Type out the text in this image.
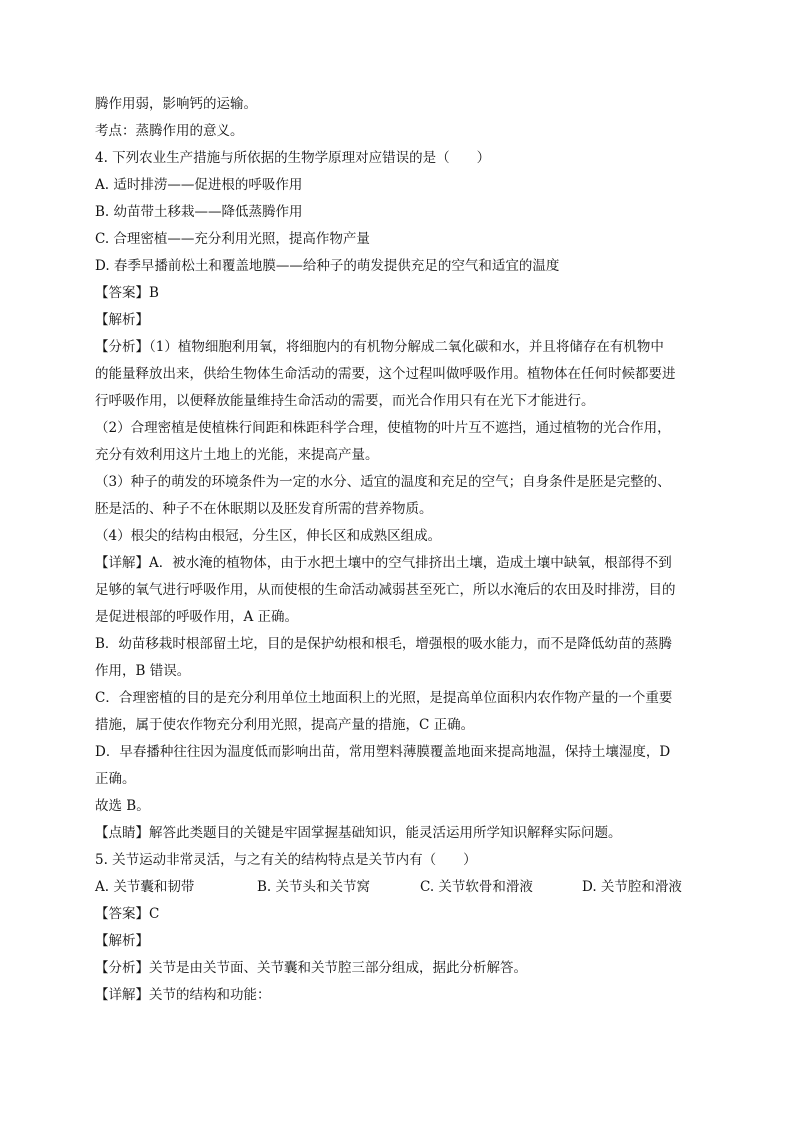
腾作用弱，影响钙的运输。
考点：蒸腾作用的意义。
4. 下列农业生产措施与所依据的生物学原理对应错误的是（　　）
A. 适时排涝——促进根的呼吸作用
B. 幼苗带土移栽——降低蒸腾作用
C. 合理密植——充分利用光照，提高作物产量
D. 春季早播前松土和覆盖地膜——给种子的萌发提供充足的空气和适宜的温度
【答案】B
【解析】
【分析】（1）植物细胞利用氧，将细胞内的有机物分解成二氧化碳和水，并且将储存在有机物中
的能量释放出来，供给生物体生命活动的需要，这个过程叫做呼吸作用。植物体在任何时候都要进
行呼吸作用，以便释放能量维持生命活动的需要，而光合作用只有在光下才能进行。
（2）合理密植是使植株行间距和株距科学合理，使植物的叶片互不遮挡，通过植物的光合作用，
充分有效利用这片土地上的光能，来提高产量。
（3）种子的萌发的环境条件为一定的水分、适宜的温度和充足的空气；自身条件是胚是完整的、
胚是活的、种子不在休眠期以及胚发育所需的营养物质。
（4）根尖的结构由根冠，分生区，伸长区和成熟区组成。
【详解】A．被水淹的植物体，由于水把土壤中的空气排挤出土壤，造成土壤中缺氧，根部得不到
足够的氧气进行呼吸作用，从而使根的生命活动减弱甚至死亡，所以水淹后的农田及时排涝，目的
是促进根部的呼吸作用，A 正确。
B．幼苗移栽时根部留土坨，目的是保护幼根和根毛，增强根的吸水能力，而不是降低幼苗的蒸腾
作用，B 错误。
C．合理密植的目的是充分利用单位土地面积上的光照，是提高单位面积内农作物产量的一个重要
措施，属于使农作物充分利用光照，提高产量的措施，C 正确。
D．早春播种往往因为温度低而影响出苗，常用塑料薄膜覆盖地面来提高地温，保持土壤湿度，D
正确。
故选 B。
【点睛】解答此类题目的关键是牢固掌握基础知识，能灵活运用所学知识解释实际问题。
5. 关节运动非常灵活，与之有关的结构特点是关节内有（　　）
A. 关节囊和韧带	B. 关节头和关节窝	C. 关节软骨和滑液	D. 关节腔和滑液
【答案】C
【解析】
【分析】关节是由关节面、关节囊和关节腔三部分组成，据此分析解答。
【详解】关节的结构和功能：
